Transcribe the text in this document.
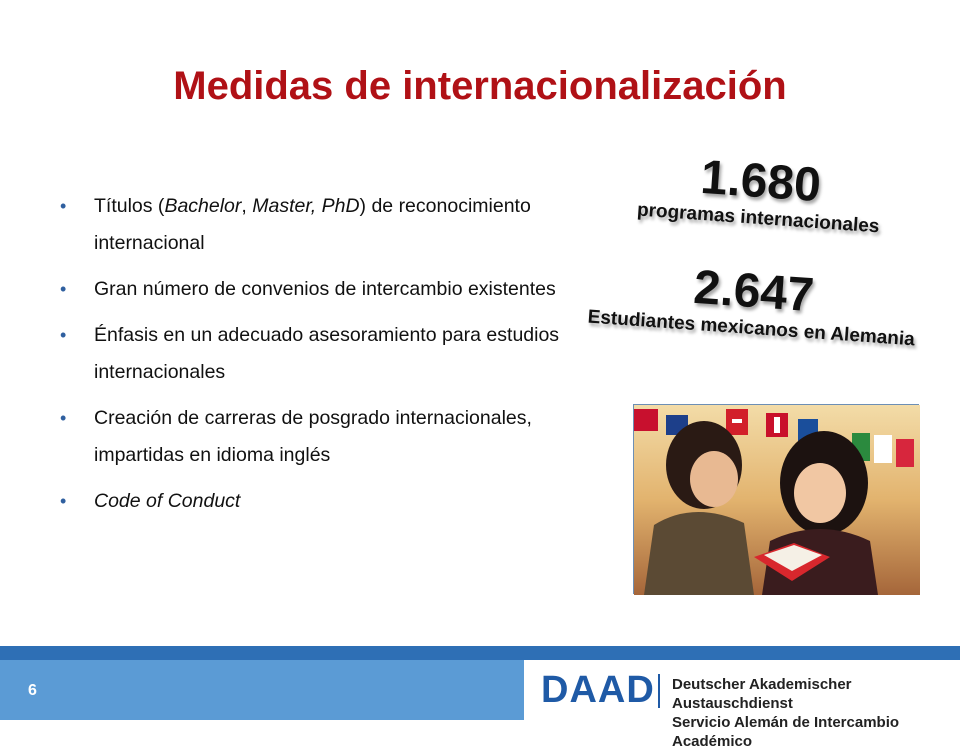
Medidas de internacionalización
• Títulos (Bachelor, Master, PhD) de reconocimiento internacional
• Gran número de convenios de intercambio existentes
• Énfasis en un adecuado asesoramiento para estudios internacionales
• Creación de carreras de posgrado internacionales, impartidas en idioma inglés
• Code of Conduct
1.680
programas internacionales
2.647
Estudiantes mexicanos en Alemania
6	DAAD Deutscher Akademischer Austauschdienst
Servicio Alemán de Intercambio Académico
